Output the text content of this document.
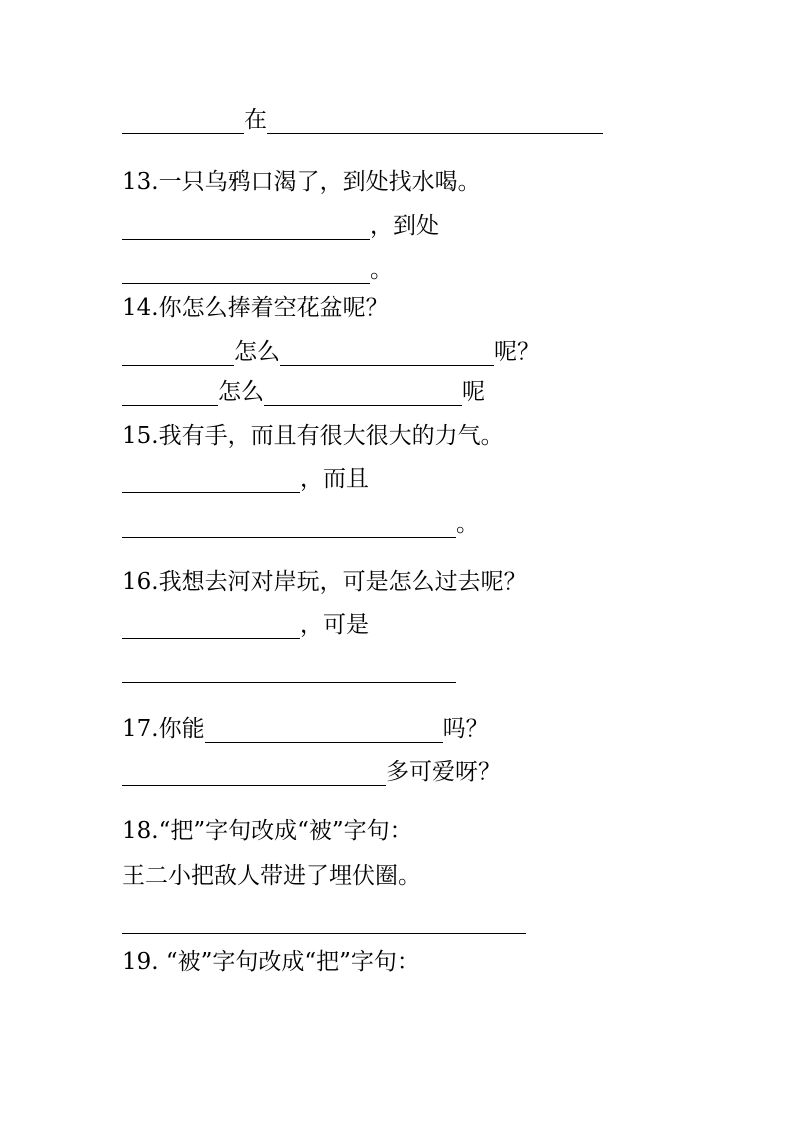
在
13.一只乌鸦口渴了，到处找水喝。
，到处
。
14.你怎么捧着空花盆呢？
怎么	呢？
怎么	呢
15.我有手，而且有很大很大的力气。
，而且
。
16.我想去河对岸玩，可是怎么过去呢？
，可是
17.你能	吗？
多可爱呀？
18.“把”字句改成“被”字句：
王二小把敌人带进了埋伏圈。
19. “被”字句改成“把”字句：
